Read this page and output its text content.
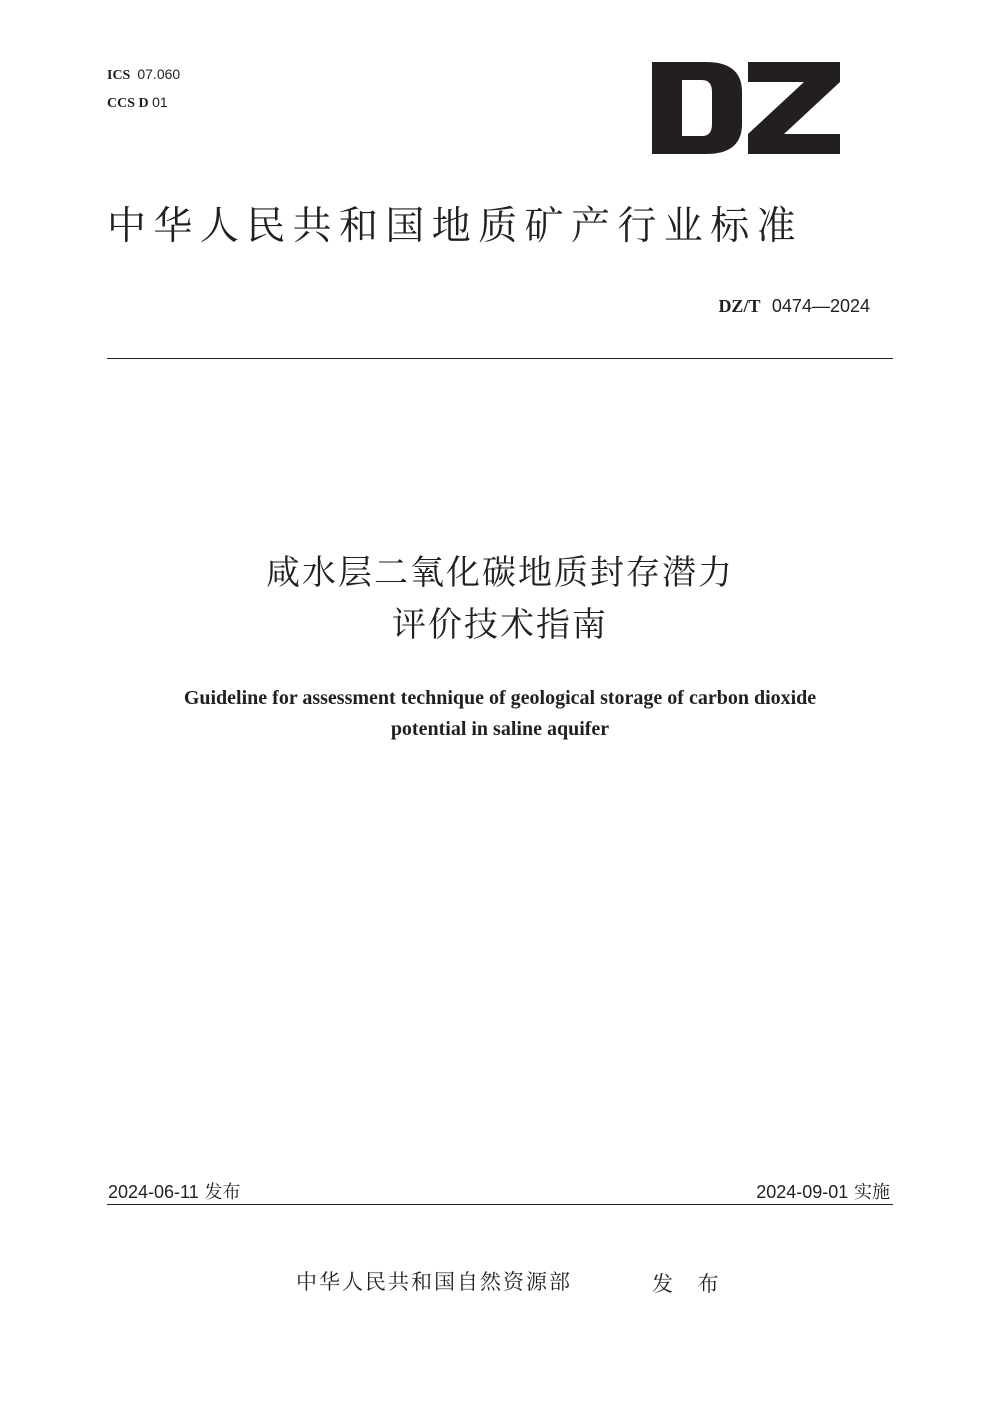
ICS 07.060
CCS D 01
中华人民共和国地质矿产行业标准
DZ/T 0474—2024
咸水层二氧化碳地质封存潜力
评价技术指南
Guideline for assessment technique of geological storage of carbon dioxide
potential in saline aquifer
2024-06-11 发布	2024-09-01 实施
中华人民共和国自然资源部	发 布
